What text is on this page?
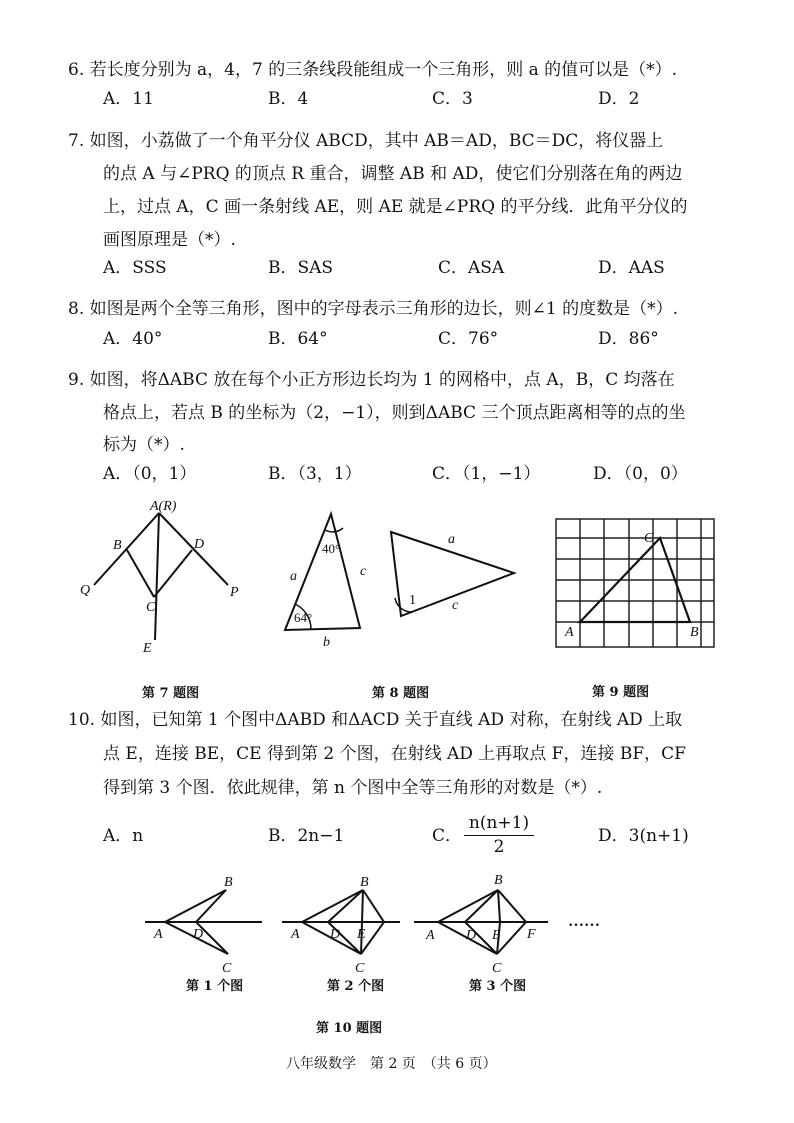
6. 若长度分别为 a，4，7 的三条线段能组成一个三角形，则 a 的值可以是（*）.
A．11	B．4	C．3	D．2
7. 如图，小荔做了一个角平分仪 ABCD，其中 AB＝AD，BC＝DC，将仪器上
的点 A 与∠PRQ 的顶点 R 重合，调整 AB 和 AD，使它们分别落在角的两边
上，过点 A，C 画一条射线 AE，则 AE 就是∠PRQ 的平分线．此角平分仪的
画图原理是（*）.
A．SSS	B．SAS	C．ASA	D．AAS
8. 如图是两个全等三角形，图中的字母表示三角形的边长，则∠1 的度数是（*）.
A．40°	B．64°	C．76°	D．86°
9. 如图，将ΔABC 放在每个小正方形边长均为 1 的网格中，点 A，B，C 均落在
格点上，若点 B 的坐标为（2，−1），则到ΔABC 三个顶点距离相等的点的坐
标为（*）.
A．（0，1）	B．（3，1）	C．（1，−1）	D．（0，0）
A(R)
B	D
Q	P
C
E
第 7 题图
40°
a	c
64°
b
a
1	c
第 8 题图
C
A	B
第 9 题图
10. 如图，已知第 1 个图中ΔABD 和ΔACD 关于直线 AD 对称，在射线 AD 上取
点 E，连接 BE，CE 得到第 2 个图，在射线 AD 上再取点 F，连接 BF，CF
得到第 3 个图．依此规律，第 n 个图中全等三角形的对数是（*）.
A．n	B．2n−1	C．
n(n+1)
2
D．3(n+1)
B
A D
C
B
A D E
C
B
A D E F
C
……
第 1 个图	第 2 个图	第 3 个图
第 10 题图
八年级数学　第 2 页　（共 6 页）
